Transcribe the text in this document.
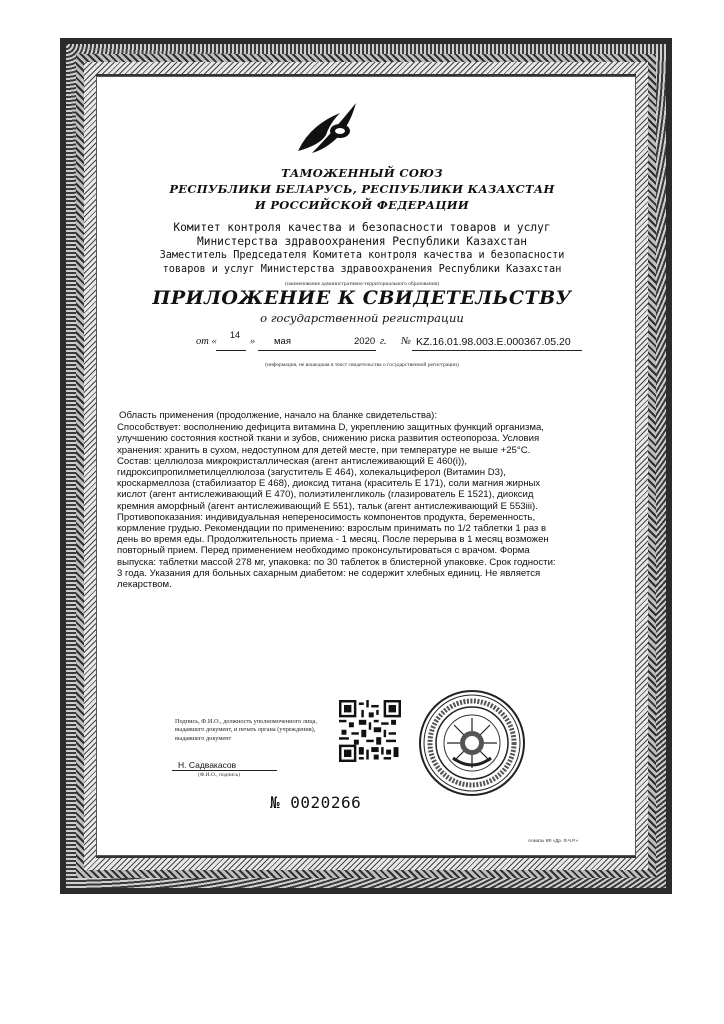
ТАМОЖЕННЫЙ СОЮЗ
РЕСПУБЛИКИ БЕЛАРУСЬ, РЕСПУБЛИКИ КАЗАХСТАН
И РОССИЙСКОЙ ФЕДЕРАЦИИ
Комитет контроля качества и безопасности товаров и услуг
Министерства здравоохранения Республики Казахстан
Заместитель Председателя Комитета контроля качества и безопасности
товаров и услуг Министерства здравоохранения Республики Казахстан
(наименование административно-территориального образования)
ПРИЛОЖЕНИЕ К СВИДЕТЕЛЬСТВУ
о государственной регистрации
от «
14
» мая	2020 г. № KZ.16.01.98.003.E.000367.05.20
(информация, не вошедшая в текст свидетельства о государственной регистрации)
Область применения (продолжение, начало на бланке свидетельства):
Способствует: восполнению дефицита витамина D, укреплению защитных функций организма, улучшению состояния костной ткани и зубов, снижению риска развития остеопороза. Условия хранения: хранить в сухом, недоступном для детей месте, при температуре не выше +25°С. Состав: целлюлоза микрокристаллическая (агент антислеживающий Е 460(i)), гидроксипропилметилцеллюлоза (загуститель Е 464), холекальциферол (Витамин D3), кроскармеллоза (стабилизатор Е 468), диоксид титана (краситель Е 171), соли магния жирных кислот (агент антислеживающий Е 470), полиэтиленгликоль (глазирователь Е 1521), диоксид кремния аморфный (агент антислеживающий Е 551), тальк (агент антислеживающий Е 553iii). Противопоказания: индивидуальная непереносимость компонентов продукта, беременность, кормление грудью. Рекомендации по применению: взрослым принимать по 1/2 таблетки 1 раз в день во время еды. Продолжительность приема - 1 месяц. После перерыва в 1 месяц возможен повторный прием. Перед применением необходимо проконсультироваться с врачом. Форма выпуска: таблетки массой 278 мг, упаковка: по 30 таблеток в блистерной упаковке. Срок годности: 3 года. Указания для больных сахарным диабетом: не содержит хлебных единиц. Не является лекарством.
Подпись, Ф.И.О., должность уполномоченного лица, выдавшего документ, и печать органа (учреждения), выдавшего документ
Н. Садвакасов
(Ф.И.О., подпись)
№ 0020266
Алматы КФ «Др. Ф.Ч.Р.»
